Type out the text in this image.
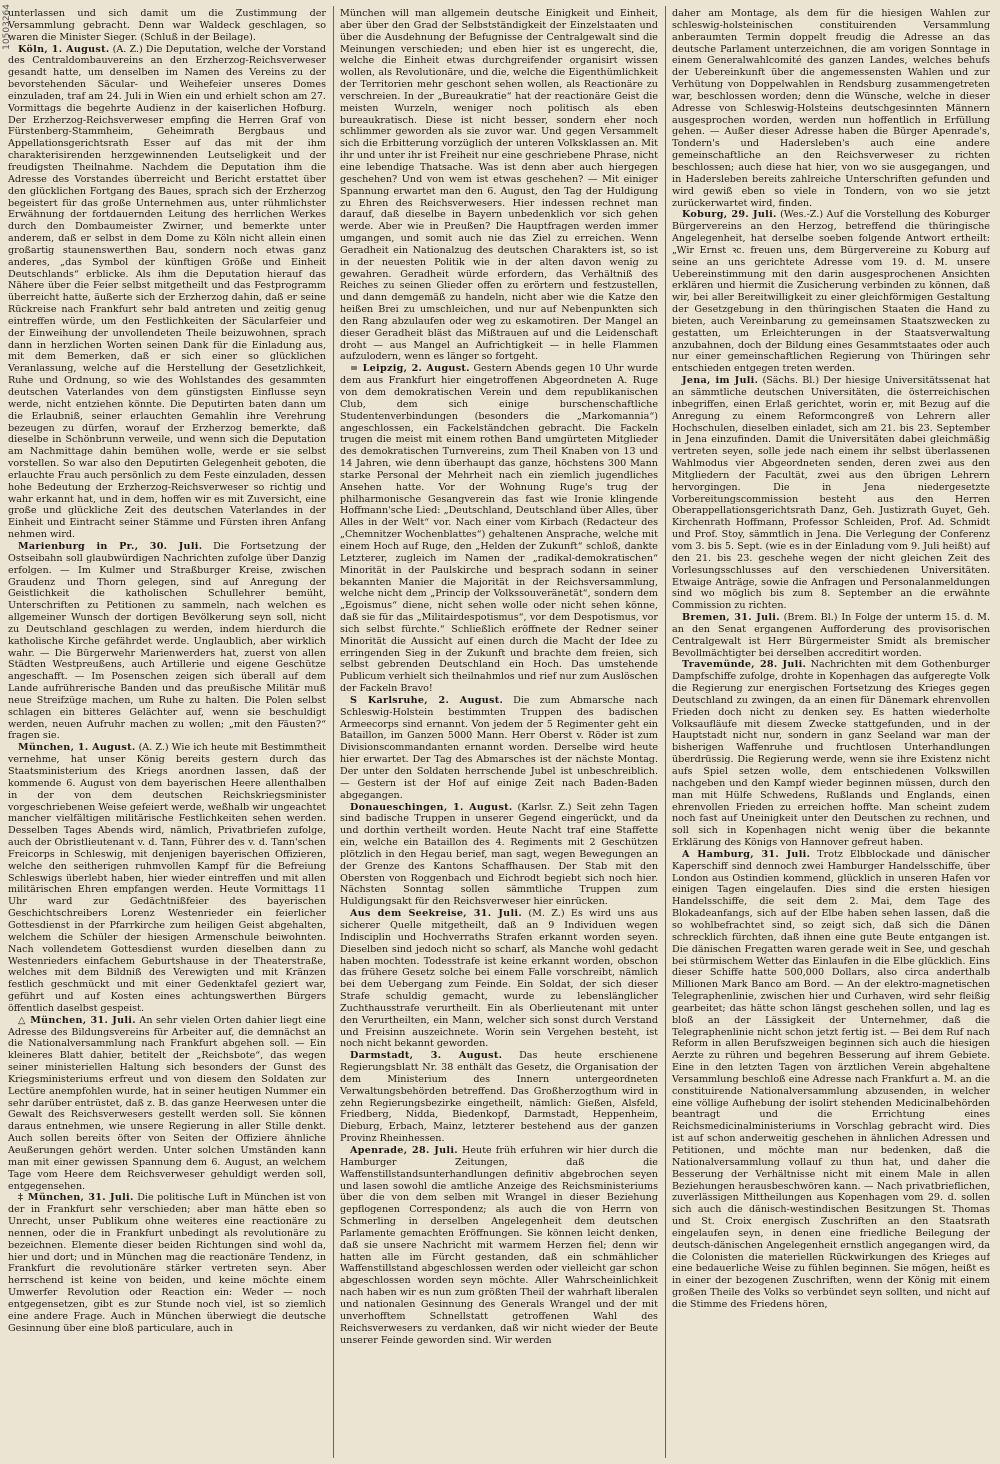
10503264

unterlassen und sich damit um die Zustimmung der Versammlung gebracht. Denn war Waldeck geschlagen, so waren die Minister Sieger. (Schluß in der Beilage).

Köln, 1. August. (A. Z.) Die Deputation, welche der Vorstand des Centraldombauvereins an den Erzherzog-Reichsverweser gesandt hatte, um denselben im Namen des Vereins zu der bevorstehenden Säcular- und Weihefeier unseres Domes einzuladen, traf am 24. Juli in Wien ein und erhielt schon am 27. Vormittags die begehrte Audienz in der kaiserlichen Hofburg. Der Erzherzog-Reichsverweser empfing die Herren Graf von Fürstenberg-Stammheim, Geheimrath Bergbaus und Appellationsgerichtsrath Esser auf das mit der ihm charakterisirenden herzgewinnenden Leutseligkeit und der freudigsten Theilnahme. Nachdem die Deputation ihm die Adresse des Vorstandes überreicht und Bericht erstattet über den glücklichen Fortgang des Baues, sprach sich der Erzherzog begeistert für das große Unternehmen aus, unter rühmlichster Erwähnung der fortdauernden Leitung des herrlichen Werkes durch den Dombaumeister Zwirner, und bemerkte unter anderem, daß er selbst in dem Dome zu Köln nicht allein einen großartig staunenswerthen Bau, sondern noch etwas ganz anderes, „das Symbol der künftigen Größe und Einheit Deutschlands“ erblicke. Als ihm die Deputation hierauf das Nähere über die Feier selbst mitgetheilt und das Festprogramm überreicht hatte, äußerte sich der Erzherzog dahin, daß er seine Rückreise nach Frankfurt sehr bald antreten und zeitig genug eintreffen würde, um den Festlichkeiten der Säcularfeier und der Einweihung der unvollendeten Theile beizuwohnen, sprach dann in herzlichen Worten seinen Dank für die Einladung aus, mit dem Bemerken, daß er sich einer so glücklichen Veranlassung, welche auf die Herstellung der Gesetzlichkeit, Ruhe und Ordnung, so wie des Wohlstandes des gesammten deutschen Vaterlandes von dem günstigsten Einflusse seyn werde, nicht entziehen könnte. Die Deputirten baten dann um die Erlaubniß, seiner erlauchten Gemahlin ihre Verehrung bezeugen zu dürfen, worauf der Erzherzog bemerkte, daß dieselbe in Schönbrunn verweile, und wenn sich die Deputation am Nachmittage dahin bemühen wolle, werde er sie selbst vorstellen. So war also den Deputirten Gelegenheit geboten, die erlauchte Frau auch persönlich zu dem Feste einzuladen, dessen hohe Bedeutung der Erzherzog-Reichsverweser so richtig und wahr erkannt hat, und in dem, hoffen wir es mit Zuversicht, eine große und glückliche Zeit des deutschen Vaterlandes in der Einheit und Eintracht seiner Stämme und Fürsten ihren Anfang nehmen wird.

Marienburg in Pr., 30. Juli. Die Fortsetzung der Ostseibahn soll glaubwürdigen Nachrichten zufolge über Danzig erfolgen. — Im Kulmer und Straßburger Kreise, zwischen Graudenz und Thorn gelegen, sind auf Anregung der Geistlichkeit die katholischen Schullehrer bemüht, Unterschriften zu Petitionen zu sammeln, nach welchen es allgemeiner Wunsch der dortigen Bevölkerung seyn soll, nicht zu Deutschland geschlagen zu werden, indem hierdurch die katholische Kirche gefährdet werde. Unglaublich, aber wirklich wahr. — Die Bürgerwehr Marienwerders hat, zuerst von allen Städten Westpreußens, auch Artillerie und eigene Geschütze angeschafft. — Im Posenschen zeigen sich überall auf dem Lande aufrührerische Banden und das preußische Militär muß neue Streifzüge machen, um Ruhe zu halten. Die Polen selbst schlagen ein bitteres Gelächter auf, wenn sie beschuldigt werden, neuen Aufruhr machen zu wollen; „mit den Fäusten?“ fragen sie.

München, 1. August. (A. Z.) Wie ich heute mit Bestimmtheit vernehme, hat unser König bereits gestern durch das Staatsministerium des Kriegs anordnen lassen, daß der kommende 6. August von dem bayerischen Heere allenthalben in der von dem deutschen Reichskriegsminister vorgeschriebenen Weise gefeiert werde, weßhalb wir ungeachtet mancher vielfältigen militärische Festlichkeiten sehen werden. Desselben Tages Abends wird, nämlich, Privatbriefen zufolge, auch der Obristlieutenant v. d. Tann, Führer des v. d. Tann'schen Freicorps in Schleswig, mit denjenigen bayerischen Offizieren, welche den seitherigen ruhmvollen Kampf für die Befreiung Schleswigs überlebt haben, hier wieder eintreffen und mit allen militärischen Ehren empfangen werden. Heute Vormittags 11 Uhr ward zur Gedächtnißfeier des bayerischen Geschichtschreibers Lorenz Westenrieder ein feierlicher Gottesdienst in der Pfarrkirche zum heiligen Geist abgehalten, welchem die Schüler der hiesigen Armenschule beiwohnten. Nach vollendetem Gottesdienst wurden dieselben dann zu Westenrieders einfachem Geburtshause in der Theaterstraße, welches mit dem Bildniß des Verewigten und mit Kränzen festlich geschmückt und mit einer Gedenktafel geziert war, geführt und auf Kosten eines achtungswerthen Bürgers öffentlich daselbst gespeist.

△ München, 31. Juli. An sehr vielen Orten dahier liegt eine Adresse des Bildungsvereins für Arbeiter auf, die demnächst an die Nationalversammlung nach Frankfurt abgehen soll. — Ein kleineres Blatt dahier, betitelt der „Reichsbote“, das wegen seiner ministeriellen Haltung sich besonders der Gunst des Kriegsministeriums erfreut und von diesem den Soldaten zur Lectüre anempfohlen wurde, hat in seiner heutigen Nummer ein sehr darüber entrüstet, daß z. B. das ganze Heerwesen unter die Gewalt des Reichsverwesers gestellt werden soll. Sie können daraus entnehmen, wie unsere Regierung in aller Stille denkt. Auch sollen bereits öfter von Seiten der Offiziere ähnliche Aeußerungen gehört werden. Unter solchen Umständen kann man mit einer gewissen Spannung dem 6. August, an welchem Tage vom Heere dem Reichsverweser gehuldigt werden soll, entgegensehen.

‡ München, 31. Juli. Die politische Luft in München ist von der in Frankfurt sehr verschieden; aber man hätte eben so Unrecht, unser Publikum ohne weiteres eine reactionäre zu nennen, oder die in Frankfurt unbedingt als revolutionäre zu bezeichnen. Elemente dieser beiden Richtungen sind wohl da, hier und dort; und in München mag die reactionäre Tendenz, in Frankfurt die revolutionäre stärker vertreten seyn. Aber herrschend ist keine von beiden, und keine möchte einem Umwerfer Revolution oder Reaction ein: Weder — noch entgegensetzen, gibt es zur Stunde noch viel, ist so ziemlich eine andere Frage. Auch in München überwiegt die deutsche Gesinnung über eine bloß particulare, auch in

München will man allgemein deutsche Einigkeit und Einheit, aber über den Grad der Selbstständigkeit der Einzelstaaten und über die Ausdehnung der Befugnisse der Centralgewalt sind die Meinungen verschieden; und eben hier ist es ungerecht, die, welche die Einheit etwas durchgreifender organisirt wissen wollen, als Revolutionäre, und die, welche die Eigenthümlichkeit der Territorien mehr geschont sehen wollen, als Reactionäre zu verschreien. In der „Bureaukratie“ hat der reactionäre Geist die meisten Wurzeln, weniger noch politisch als eben bureaukratisch. Diese ist nicht besser, sondern eher noch schlimmer geworden als sie zuvor war. Und gegen Versammelt sich die Erbitterung vorzüglich der unteren Volksklassen an. Mit ihr und unter ihr ist Freiheit nur eine geschriebene Phrase, nicht eine lebendige Thatsache. Was ist denn aber auch hiergegen geschehen? Und von wem ist etwas geschehen? — Mit einiger Spannung erwartet man den 6. August, den Tag der Huldigung zu Ehren des Reichsverwesers. Hier indessen rechnet man darauf, daß dieselbe in Bayern unbedenklich vor sich gehen werde. Aber wie in Preußen? Die Hauptfragen werden immer umgangen, und somit auch nie das Ziel zu erreichen. Wenn Geradheit ein Nationalzug des deutschen Charakters ist, so ist in der neuesten Politik wie in der alten davon wenig zu gewahren. Geradheit würde erfordern, das Verhältniß des Reiches zu seinen Glieder offen zu erörtern und festzustellen, und dann demgemäß zu handeln, nicht aber wie die Katze den heißen Brei zu umschleichen, und nur auf Nebenpunkten sich den Rang abzulaufen oder weg zu eskamotiren. Der Mangel an dieser Geradheit bläst das Mißtrauen auf und die Leidenschaft droht — aus Mangel an Aufrichtigkeit — in helle Flammen aufzulodern, wenn es länger so fortgeht.

= Leipzig, 2. August. Gestern Abends gegen 10 Uhr wurde dem aus Frankfurt hier eingetroffenen Abgeordneten A. Ruge von dem demokratischen Verein und dem republikanischen Club, dem sich einige burschenschaftliche Studentenverbindungen (besonders die „Markomannia“) angeschlossen, ein Fackelständchen gebracht. Die Fackeln trugen die meist mit einem rothen Band umgürteten Mitglieder des demokratischen Turnvereins, zum Theil Knaben von 13 und 14 Jahren, wie denn überhaupt das ganze, höchstens 300 Mann starke Personal der Mehrheit nach ein ziemlich jugendliches Ansehen hatte. Vor der Wohnung Ruge's trug der philharmonische Gesangverein das fast wie Ironie klingende Hoffmann'sche Lied: „Deutschland, Deutschland über Alles, über Alles in der Welt“ vor. Nach einer vom Kirbach (Redacteur des „Chemnitzer Wochenblattes“) gehaltenen Ansprache, welche mit einem Hoch auf Ruge, den „Helden der Zukunft“ schloß, dankte Letzterer, zugleich im Namen der „radikal-demokratischen“ Minorität in der Paulskirche und besprach sodann in seiner bekannten Manier die Majorität in der Reichsversammlung, welche nicht dem „Princip der Volkssouveränetät“, sondern dem „Egoismus“ diene, nicht sehen wolle oder nicht sehen könne, daß sie für das „Militairdespotismus“, vor dem Despotismus, vor sich selbst fürchte.“ Schließlich eröffnete der Redner seiner Minorität die Aussicht auf einen durch die Macht der Idee zu erringenden Sieg in der Zukunft und brachte dem freien, sich selbst gebrenden Deutschland ein Hoch. Das umstehende Publicum verhielt sich theilnahmlos und rief nur zum Auslöschen der Fackeln Bravo!

S Karlsruhe, 2. August. Die zum Abmarsche nach Schleswig-Holstein bestimmten Truppen des badischen Armeecorps sind ernannt. Von jedem der 5 Regimenter geht ein Bataillon, im Ganzen 5000 Mann. Herr Oberst v. Röder ist zum Divisionscommandanten ernannt worden. Derselbe wird heute hier erwartet. Der Tag des Abmarsches ist der nächste Montag. Der unter den Soldaten herrschende Jubel ist unbeschreiblich. — Gestern ist der Hof auf einige Zeit nach Baden-Baden abgegangen.

Donaueschingen, 1. August. (Karlsr. Z.) Seit zehn Tagen sind badische Truppen in unserer Gegend eingerückt, und da und dorthin vertheilt worden. Heute Nacht traf eine Staffette ein, welche ein Bataillon des 4. Regiments mit 2 Geschützen plötzlich in den Hegau berief, man sagt, wegen Bewegungen an der Grenze des Kantons Schaffhausen. Der Stab mit den Obersten von Roggenbach und Eichrodt begiebt sich noch hier. Nächsten Sonntag sollen sämmtliche Truppen zum Huldigungsakt für den Reichsverweser hier einrücken.

Aus dem Seekreise, 31. Juli. (M. Z.) Es wird uns aus sicherer Quelle mitgetheilt, daß an 9 Individuen wegen Indisciplin und Hochverraths Strafen erkannt worden seyen. Dieselben sind jedoch nicht so scharf, als Manche wohl gedacht haben mochten. Todesstrafe ist keine erkannt worden, obschon das frühere Gesetz solche bei einem Falle vorschreibt, nämlich bei dem Uebergang zum Feinde. Ein Soldat, der sich dieser Strafe schuldig gemacht, wurde zu lebenslänglicher Zuchthausstrafe verurtheilt. Ein als Oberlieutenant mit unter den Verurtheilten, ein Mann, welcher sich sonst durch Verstand und Freisinn auszeichnete. Worin sein Vergehen besteht, ist noch nicht bekannt geworden.

Darmstadt, 3. August. Das heute erschienene Regierungsblatt Nr. 38 enthält das Gesetz, die Organisation der dem Ministerium des Innern untergeordneten Verwaltungsbehörden betreffend. Das Großherzogthum wird in zehn Regierungsbezirke eingetheilt, nämlich: Gießen, Alsfeld, Friedberg, Nidda, Biedenkopf, Darmstadt, Heppenheim, Dieburg, Erbach, Mainz, letzterer bestehend aus der ganzen Provinz Rheinhessen.

Apenrade, 28. Juli. Heute früh erfuhren wir hier durch die Hamburger Zeitungen, daß die Waffenstillstandsunterhandlungen definitiv abgebrochen seyen und lasen sowohl die amtliche Anzeige des Reichsministeriums über die von dem selben mit Wrangel in dieser Beziehung gepflogenen Correspondenz; als auch die von Herrn von Schmerling in derselben Angelegenheit dem deutschen Parlamente gemachten Eröffnungen. Sie können leicht denken, daß sie unsere Nachricht mit warmem Herzen fiel; denn wir hatten alle im Fürcht gestanden, daß ein schmählicher Waffenstillstand abgeschlossen werden oder vielleicht gar schon abgeschlossen worden seyn möchte. Aller Wahrscheinlichkeit nach haben wir es nun zum größten Theil der wahrhaft liberalen und nationalen Gesinnung des Generals Wrangel und der mit unverhofftem Schnellstatt getroffenen Wahl des Reichsverwesers zu verdanken, daß wir nicht wieder der Beute unserer Feinde geworden sind. Wir werden

daher am Montage, als dem für die hiesigen Wahlen zur schleswig-holsteinischen constituirenden Versammlung anberaumten Termin doppelt freudig die Adresse an das deutsche Parlament unterzeichnen, die am vorigen Sonntage in einem Generalwahlcomité des ganzen Landes, welches behufs der Uebereinkunft über die angemessensten Wahlen und zur Verhütung von Doppelwahlen in Rendsburg zusammengetreten war, beschlossen worden; denn die Wünsche, welche in dieser Adresse von Schleswig-Holsteins deutschgesinnten Männern ausgesprochen worden, werden nun hoffentlich in Erfüllung gehen. — Außer dieser Adresse haben die Bürger Apenrade's, Tondern's und Hadersleben's auch eine andere gemeinschaftliche an den Reichsverweser zu richten beschlossen; auch diese hat hier, von wo sie ausgegangen, und in Hadersleben bereits zahlreiche Unterschriften gefunden und wird gewiß eben so viele in Tondern, von wo sie jetzt zurückerwartet wird, finden.

Koburg, 29. Juli. (Wes.-Z.) Auf die Vorstellung des Koburger Bürgervereins an den Herzog, betreffend die thüringische Angelegenheit, hat derselbe soeben folgende Antwort ertheilt: „Wir Ernst ꝛc. freuen uns, dem Bürgervereine zu Koburg auf seine an uns gerichtete Adresse vom 19. d. M. unsere Uebereinstimmung mit den darin ausgesprochenen Ansichten erklären und hiermit die Zusicherung verbinden zu können, daß wir, bei aller Bereitwilligkeit zu einer gleichförmigen Gestaltung der Gesetzgebung in den thüringischen Staaten die Hand zu bieten, auch Vereinbarung zu gemeinsamen Staatszwecken zu gestatten, um Erleichterungen in der Staatsverwaltung anzubahnen, doch der Bildung eines Gesammtstaates oder auch nur einer gemeinschaftlichen Regierung von Thüringen sehr entschieden entgegen treten werden.

Jena, im Juli. (Sächs. Bl.) Der hiesige Universitätssenat hat an sämmtliche deutschen Universitäten, die österreichischen inbegriffen, einen Erlaß gerichtet, worin er, mit Bezug auf die Anregung zu einem Reformcongreß von Lehrern aller Hochschulen, dieselben einladet, sich am 21. bis 23. September in Jena einzufinden. Damit die Universitäten dabei gleichmäßig vertreten seyen, solle jede nach einem ihr selbst überlassenen Wahlmodus vier Abgeordneten senden, deren zwei aus den Mitgliedern der Facultät, zwei aus den übrigen Lehrern hervorgingen. Die in Jena niedergesetzte Vorbereitungscommission besteht aus den Herren Oberappellationsgerichtsrath Danz, Geh. Justizrath Guyet, Geh. Kirchenrath Hoffmann, Professor Schleiden, Prof. Ad. Schmidt und Prof. Stoy, sämmtlich in Jena. Die Verlegung der Conferenz vom 3. bis 5. Sept. (wie es in der Einladung vom 9. Juli heißt) auf den 21. bis 23. geschehe wegen der nicht gleichen Zeit des Vorlesungsschlusses auf den verschiedenen Universitäten. Etwaige Anträge, sowie die Anfragen und Personalanmeldungen sind wo möglich bis zum 8. September an die erwähnte Commission zu richten.

Bremen, 31. Juli. (Brem. Bl.) In Folge der unterm 15. d. M. an den Senat ergangenen Aufforderung des provisorischen Centralgewalt ist Herr Bürgermeister Smidt als bremischer Bevollmächtigter bei derselben accreditirt worden.

Travemünde, 28. Juli. Nachrichten mit dem Gothenburger Dampfschiffe zufolge, drohte in Kopenhagen das aufgeregte Volk die Regierung zur energischen Fortsetzung des Krieges gegen Deutschland zu zwingen, da an einen für Dänemark ehrenvollen Frieden doch nicht zu denken sey. Es hatten wiederholte Volksaufläufe mit diesem Zwecke stattgefunden, und in der Hauptstadt nicht nur, sondern in ganz Seeland war man der bisherigen Waffenruhe und fruchtlosen Unterhandlungen überdrüssig. Die Regierung werde, wenn sie ihre Existenz nicht aufs Spiel setzen wolle, dem entschiedenen Volkswillen nachgeben und den Kampf wieder beginnen müssen, durch den man mit Hülfe Schwedens, Rußlands und Englands, einen ehrenvollen Frieden zu erreichen hoffte. Man scheint zudem noch fast auf Uneinigkeit unter den Deutschen zu rechnen, und soll sich in Kopenhagen nicht wenig über die bekannte Erklärung des Königs von Hannover gefreut haben.

A Hamburg, 31. Juli. Trotz Elbblockade und dänischer Kaperschiff sind dennoch zwei Hamburger Handelsschiffe, über London aus Ostindien kommend, glücklich in unseren Hafen vor einigen Tagen eingelaufen. Dies sind die ersten hiesigen Handelsschiffe, die seit dem 2. Mai, dem Tage des Blokadeanfangs, sich auf der Elbe haben sehen lassen, daß die so wohlbefrachtet sind, so zeigt sich, daß sich die Dänen schrecklich fürchten, daß ihnen eine gute Beute entgangen ist. Die dänischen Fregatten waren gerade weit in See, und geschah bei stürmischem Wetter das Einlaufen in die Elbe glücklich. Eins dieser Schiffe hatte 500,000 Dollars, also circa anderthalb Millionen Mark Banco am Bord. — An der elektro-magnetischen Telegraphenlinie, zwischen hier und Curhaven, wird sehr fleißig gearbeitet; das hätte schon längst geschehen sollen, und lag es bloß an der Lässigkeit der Unternehmer, daß die Telegraphenlinie nicht schon jetzt fertig ist. — Bei dem Ruf nach Reform in allen Berufszweigen beginnen sich auch die hiesigen Aerzte zu rühren und begehren Besserung auf ihrem Gebiete. Eine in den letzten Tagen von ärztlichen Verein abgehaltene Versammlung beschloß eine Adresse nach Frankfurt a. M. an die constituirende Nationalversammlung abzusenden, in welcher eine völlige Aufhebung der isolirt stehenden Medicinalbehörden beantragt und die Errichtung eines Reichsmedicinalministeriums in Vorschlag gebracht wird. Dies ist auf schon anderweitig geschehen in ähnlichen Adressen und Petitionen, und möchte man nur bedenken, daß die Nationalversammlung vollauf zu thun hat, und daher die Besserung der Verhältnisse nicht mit einem Male in allen Beziehungen herausbeschwören kann. — Nach privatbrieflichen, zuverlässigen Mittheilungen aus Kopenhagen vom 29. d. sollen sich auch die dänisch-westindischen Besitzungen St. Thomas und St. Croix energisch Zuschriften an den Staatsrath eingelaufen seyn, in denen eine friedliche Beilegung der deutsch-dänischen Angelegenheit ernstlich angegangen wird, da die Colonisten die materiellen Rückwirkungen des Krieges auf eine bedauerliche Weise zu fühlen beginnen. Sie mögen, heißt es in einer der bezogenen Zuschriften, wenn der König mit einem großen Theile des Volks so verbündet seyn sollten, und nicht auf die Stimme des Friedens hören,
